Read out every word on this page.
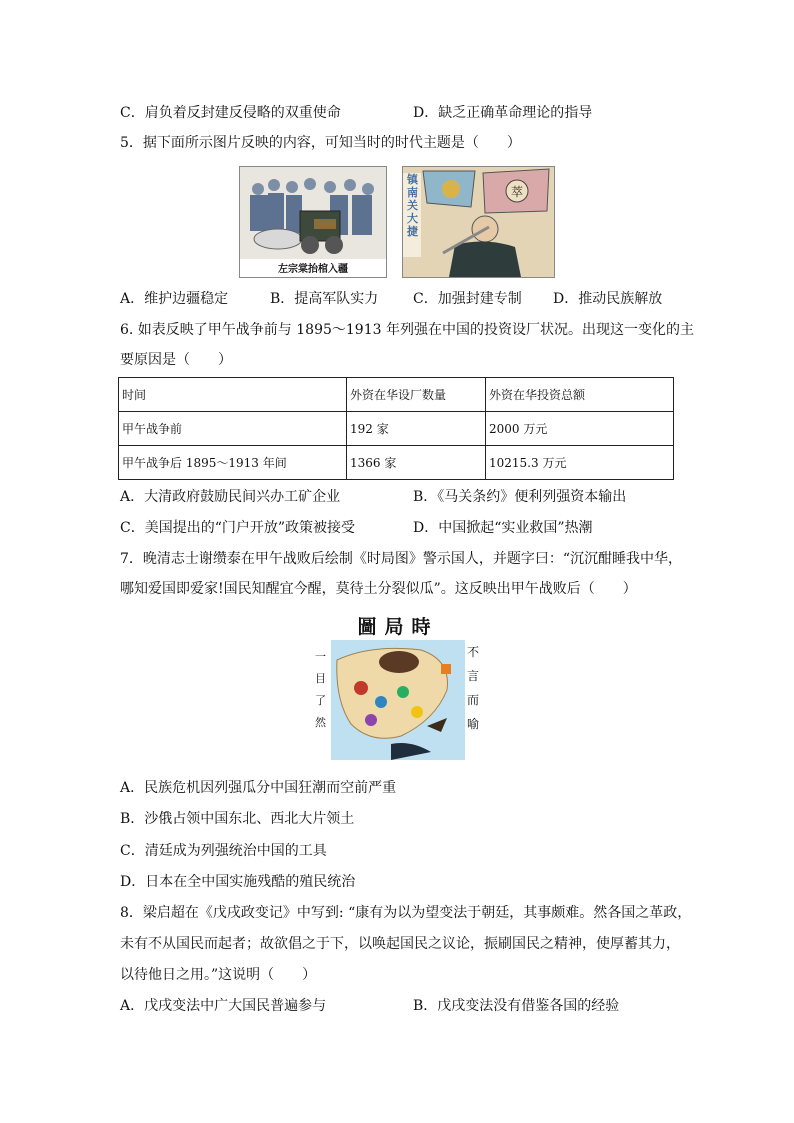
C．肩负着反封建反侵略的双重使命	D．缺乏正确革命理论的指导
5．据下面所示图片反映的内容，可知当时的时代主题是（　　）
左宗棠抬棺入疆
萃
镇南关大捷
A．维护边疆稳定	B．提高军队实力 C．加强封建专制 D．推动民族解放
6. 如表反映了甲午战争前与 1895～1913 年列强在中国的投资设厂状况。出现这一变化的主
要原因是（　　）
时间	外资在华设厂数量	外资在华投资总额
甲午战争前	192 家	2000 万元
甲午战争后 1895～1913 年间	1366 家	10215.3 万元
A．大清政府鼓励民间兴办工矿企业	B．《马关条约》便利列强资本输出
C．美国提出的“门户开放”政策被接受	D．中国掀起“实业救国”热潮
7．晚清志士谢缵泰在甲午战败后绘制《时局图》警示国人，并题字曰：“沉沉酣睡我中华，
哪知爱国即爱家!国民知醒宜今醒，莫待土分裂似瓜”。这反映出甲午战败后（　　）
圖局時
一目了然
不言而喻
A．民族危机因列强瓜分中国狂潮而空前严重
B．沙俄占领中国东北、西北大片领土
C．清廷成为列强统治中国的工具
D．日本在全中国实施残酷的殖民统治
8．梁启超在《戊戌政变记》中写到: “康有为以为望变法于朝廷，其事颇难。然各国之革政，
未有不从国民而起者；故欲倡之于下，以唤起国民之议论，振刷国民之精神，使厚蓄其力，
以待他日之用。”这说明（　　）
A．戊戌变法中广大国民普遍参与	B．戊戌变法没有借鉴各国的经验
